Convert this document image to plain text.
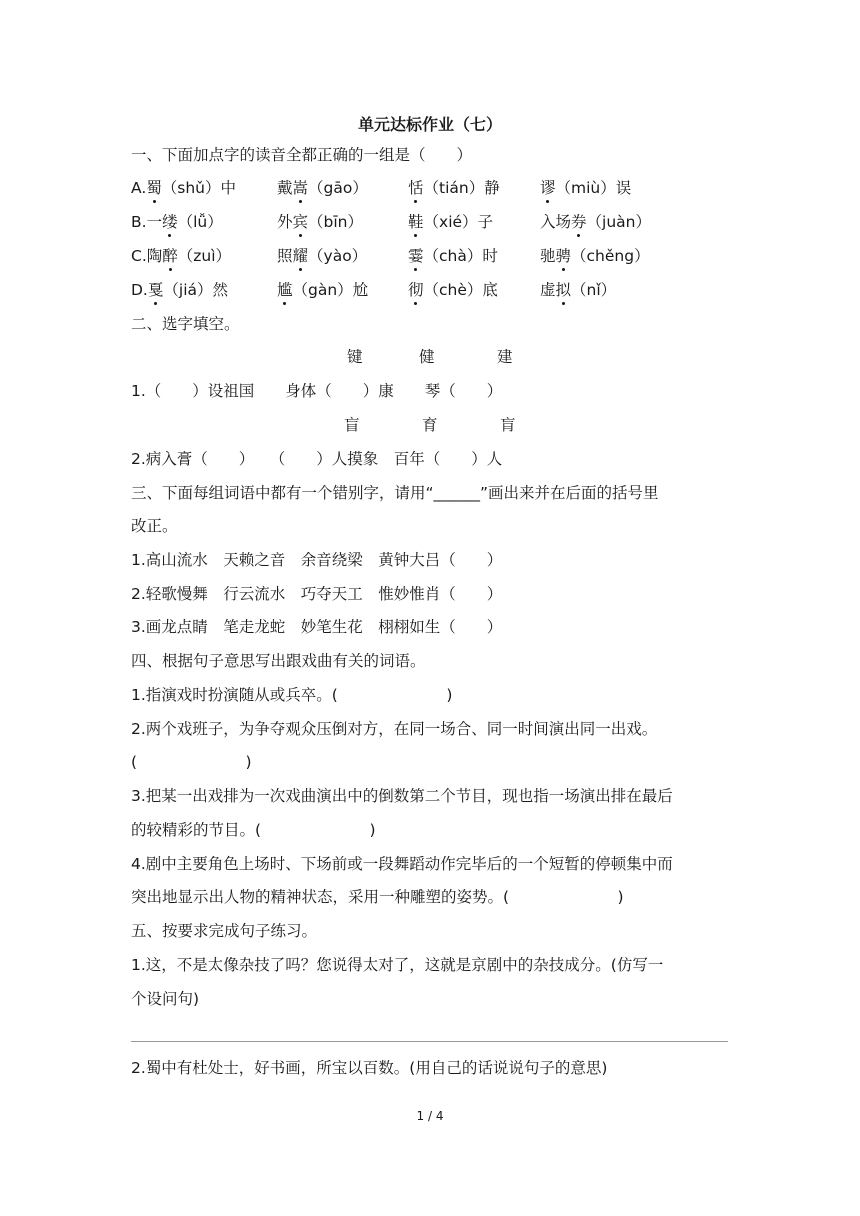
单元达标作业（七）
一、下面加点字的读音全都正确的一组是（　　）
A.蜀（shǔ）中	戴嵩（gāo）	恬（tián）静	谬（miù）误
B.一缕（lǚ）	外宾（bīn）	鞋（xié）子	入场券（juàn）
C.陶醉（zuì）	照耀（yào）	霎（chà）时	驰骋（chěng）
D.戛（jiá）然	尴（gàn）尬	彻（chè）底	虚拟（nǐ）
二、选字填空。
键	健	建
1.（　　）设祖国　　身体（　　）康　　琴（　　）
盲	育	肓
2.病入膏（　　）　　（　　）人摸象　百年（　　）人
三、下面每组词语中都有一个错别字，请用“______”画出来并在后面的括号里
改正。
1.高山流水　天赖之音　余音绕梁　黄钟大吕（　　）
2.轻歌慢舞　行云流水　巧夺天工　惟妙惟肖（　　）
3.画龙点睛　笔走龙蛇　妙笔生花　栩栩如生（　　）
四、根据句子意思写出跟戏曲有关的词语。
1.指演戏时扮演随从或兵卒。(　　　　　　　)
2.两个戏班子，为争夺观众压倒对方，在同一场合、同一时间演出同一出戏。
(　　　　　　　)
3.把某一出戏排为一次戏曲演出中的倒数第二个节目，现也指一场演出排在最后
的较精彩的节目。(　　　　　　　)
4.剧中主要角色上场时、下场前或一段舞蹈动作完毕后的一个短暂的停顿集中而
突出地显示出人物的精神状态，采用一种雕塑的姿势。(　　　　　　　)
五、按要求完成句子练习。
1.这，不是太像杂技了吗？您说得太对了，这就是京剧中的杂技成分。(仿写一
个设问句)
2.蜀中有杜处士，好书画，所宝以百数。(用自己的话说说句子的意思)
1 / 4
